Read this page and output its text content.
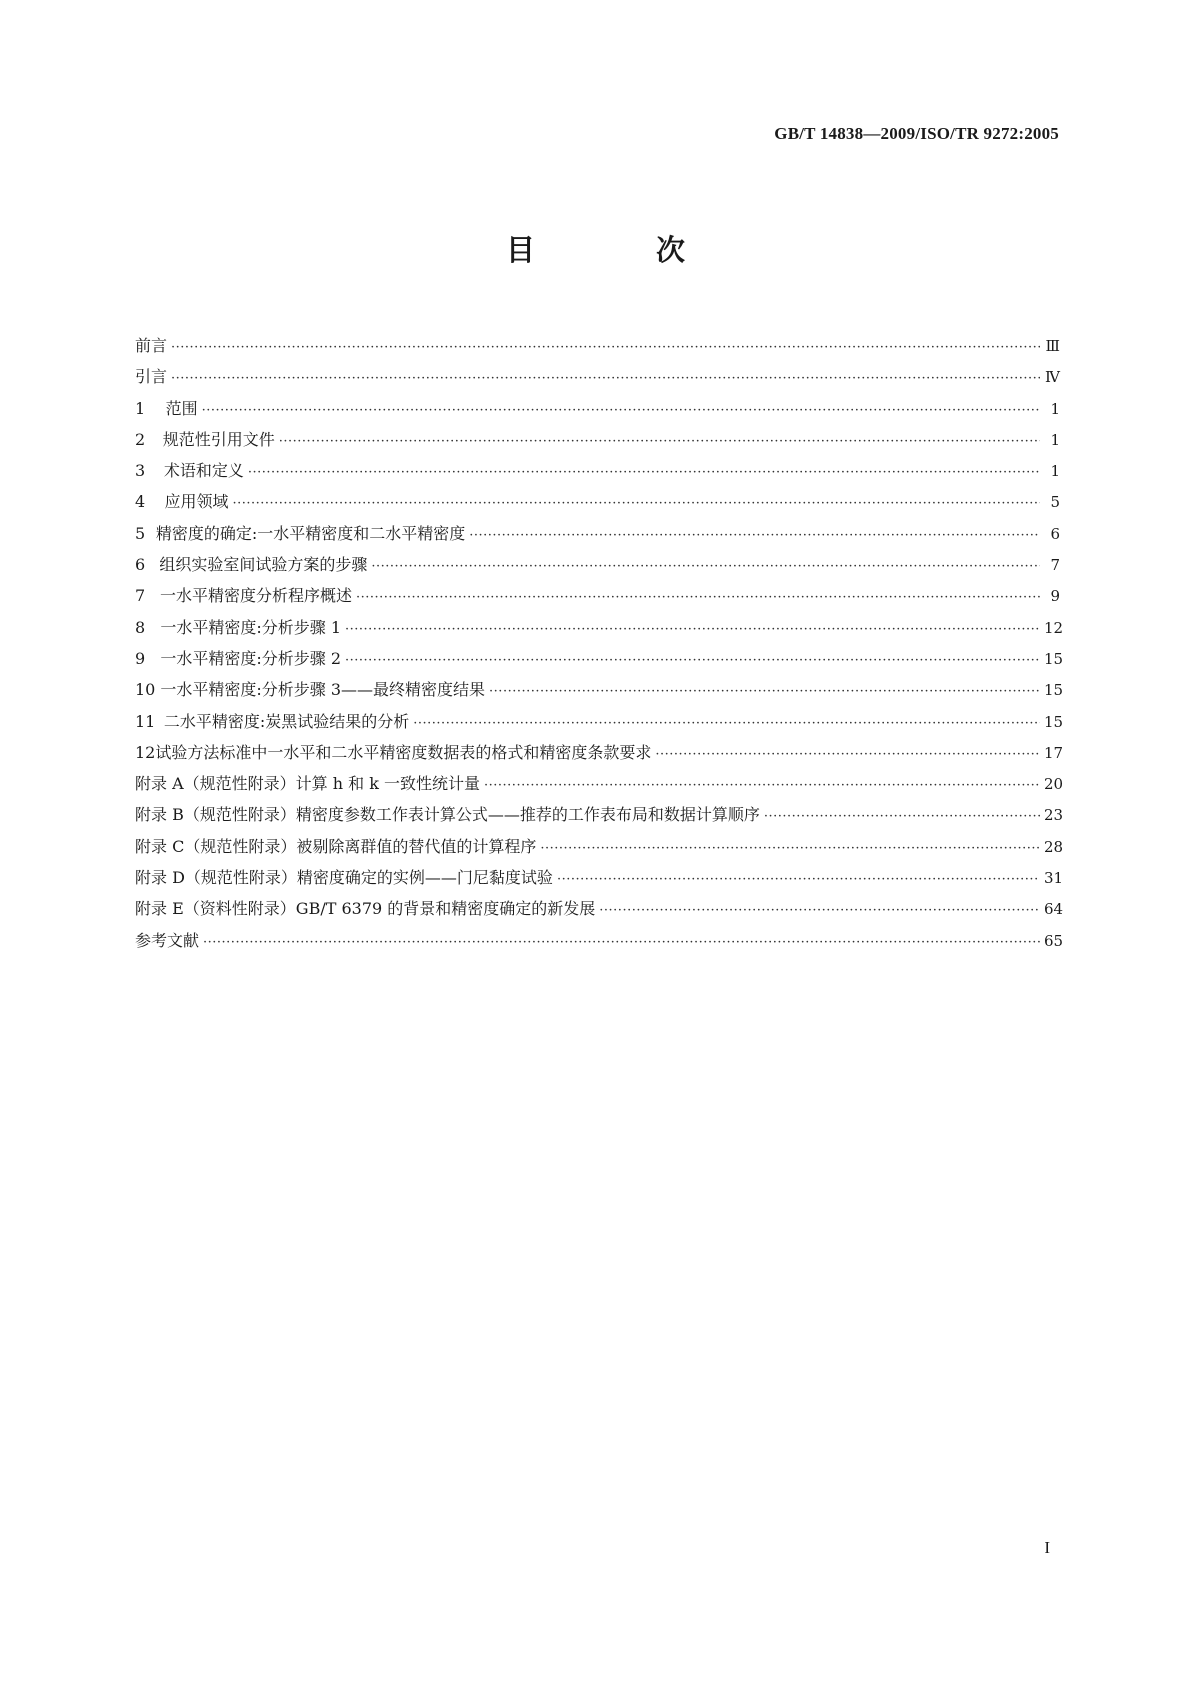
GB/T 14838—2009/ISO/TR 9272:2005
目　次
前言 ·····	Ⅲ
引言 ·····	Ⅳ
1	范围 ·····	1
2	规范性引用文件 ·····	1
3	术语和定义 ·····	1
4	应用领域 ·····	5
5 精密度的确定:一水平精密度和二水平精密度 ·····	6
6 组织实验室间试验方案的步骤 ·····	7
7 一水平精密度分析程序概述 ·····	9
8 一水平精密度:分析步骤 1 ·····	12
9 一水平精密度:分析步骤 2 ·····	15
10 一水平精密度:分析步骤 3——最终精密度结果 ·····	15
11 二水平精密度:炭黑试验结果的分析 ·····	15
12 试验方法标准中一水平和二水平精密度数据表的格式和精密度条款要求 ·····	17
附录 A（规范性附录） 计算 h 和 k 一致性统计量 ·····	20
附录 B（规范性附录） 精密度参数工作表计算公式——推荐的工作表布局和数据计算顺序 ·····	23
附录 C（规范性附录） 被剔除离群值的替代值的计算程序 ·····	28
附录 D（规范性附录） 精密度确定的实例——门尼黏度试验 ·····	31
附录 E（资料性附录） GB/T 6379 的背景和精密度确定的新发展 ·····	64
参考文献 ·····	65
I
